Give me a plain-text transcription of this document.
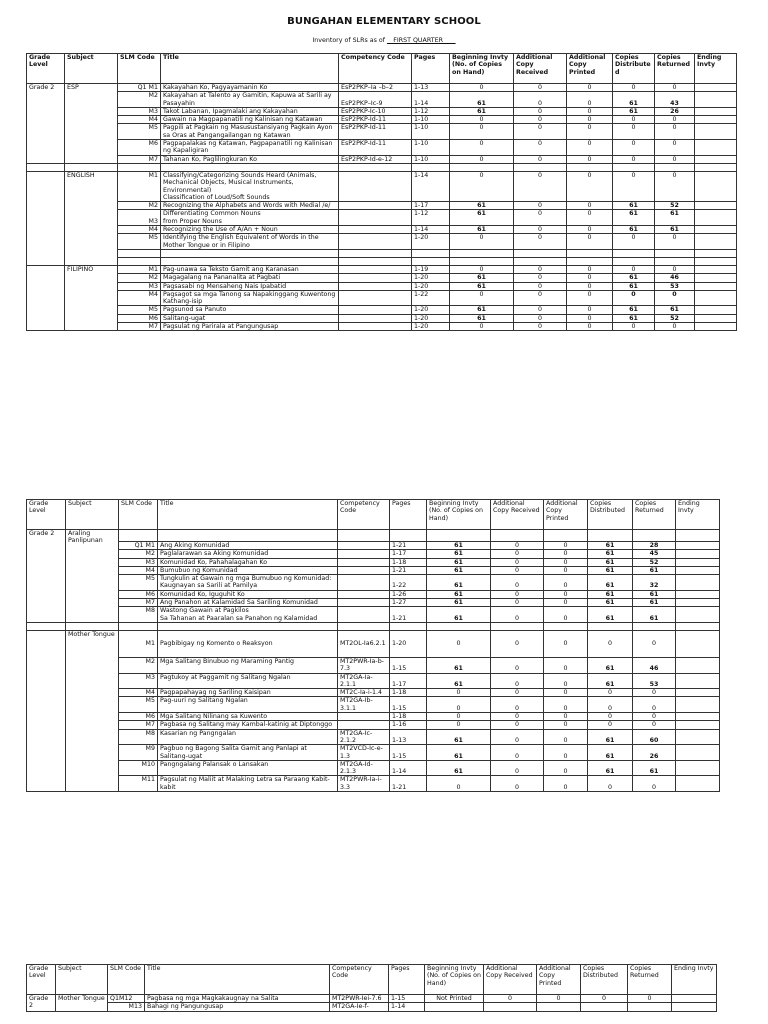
BUNGAHAN ELEMENTARY SCHOOL
Inventory of SLRs as of __FIRST QUARTER____
Grade Level	Subject	SLM Code	Title	Competency Code	Pages	Beginning Invty (No. of Copies on Hand)	Additional Copy Received	Additional Copy Printed	Copies Distributed	Copies Returned	Ending Invty
Grade 2	ESP	Q1 M1	Kakayahan Ko, Pagyayamanin Ko	EsP2PKP–Ia –b–2	1-13	0	0	0	0	0	
		M2	Kakayahan at Talento ay Gamitin, Kapuwa at Sarili ay Pasayahin	EsP2PKP–Ic-9	1-14	61	0	0	61	43	
		M3	Takot Labanan, Ipagmalaki ang Kakayahan	EsP2PKP-Ic-10	1-12	61	0	0	61	26	
		M4	Gawain na Magpapanatili ng Kalinisan ng Katawan	EsP2PKP-Id-11	1-10	0	0	0	0	0	
		M5	Pagpili at Pagkain ng Masusustansiyang Pagkain Ayon sa Oras at Pangangailangan ng Katawan	EsP2PKP-Id-11	1-10	0	0	0	0	0	
		M6	Pagpapalakas ng Katawan, Pagpapanatili ng Kalinisan ng Kapaligiran	EsP2PKP-Id-11	1-10	0	0	0	0	0	
		M7	Tahanan Ko, Paglilingkuran Ko	EsP2PKP-Id-e-12	1-10	0	0	0	0	0	

	ENGLISH	M1	Classifying/Categorizing Sounds Heard (Animals, Mechanical Objects, Musical Instruments, Environmental)
Classification of Loud/Soft Sounds		1-14	0	0	0	0	0	
		M2	Recognizing the Alphabets and Words with Medial /e/		1-17	61	0	0	61	52	
		M3	Differentiating Common Nouns
from Proper Nouns		1-12	61	0	0	61	61	
		M4	Recognizing the Use of A/An + Noun		1-14	61	0	0	61	61	
		M5	Identifying the English Equivalent of Words in the Mother Tongue or in Filipino		1-20	0	0	0	0	0	

	FILIPINO	M1	Pag-unawa sa Teksto Gamit ang Karanasan		1-19	0	0	0	0	0	
		M2	Magagalang na Pananalita at Pagbati		1-20	61	0	0	61	46	
		M3	Pagsasabi ng Mensaheng Nais Ipabatid		1-20	61	0	0	61	53	
		M4	Pagsagot sa mga Tanong sa Napakinggang Kuwentong Kathang-isip		1-22	0	0	0	0	0	
		M5	Pagsunod sa Panuto		1-20	61	0	0	61	61	
		M6	Salitang-ugat		1-20	61	0	0	61	52	
		M7	Pagsulat ng Parirala at Pangungusap		1-20	0	0	0	0	0	
Grade Level	Subject	SLM Code	Title	Competency Code	Pages	Beginning Invty (No. of Copies on Hand)	Additional Copy Received	Additional Copy Printed	Copies Distributed	Copies Returned	Ending Invty
Grade 2	Araling Panlipunan										
		Q1 M1	Ang Aking Komunidad		1-21	61	0	0	61	28	
		M2	Paglalarawan sa Aking Komunidad		1-17	61	0	0	61	45	
		M3	Komunidad Ko, Pahahalagahan Ko		1-18	61	0	0	61	52	
		M4	Bumubuo ng Komunidad		1-21	61	0	0	61	61	
		M5	Tungkulin at Gawain ng mga Bumubuo ng Komunidad: Kaugnayan sa Sarili at Pamilya		1-22	61	0	0	61	32	
		M6	Komunidad Ko, Iguguhit Ko		1-26	61	0	0	61	61	
		M7	Ang Panahon at Kalamidad Sa Sariling Komunidad		1-27	61	0	0	61	61	
		M8	Wastong Gawain at Pagkilos
Sa Tahanan at Paaralan sa Panahon ng Kalamidad		1-21	61	0	0	61	61	

	Mother Tongue	M1	Pagbibigay ng Komento o Reaksyon	MT2OL-Ia6.2.1	1-20	0	0	0	0	0	
		M2	Mga Salitang Binubuo ng Maraming Pantig	MT2PWR-Ia-b-7.3	1-15	61	0	0	61	46	
		M3	Pagtukoy at Paggamit ng Salitang Ngalan	MT2GA-Ia-2.1.1	1-17	61	0	0	61	53	
		M4	Pagpapahayag ng Sariling Kaisipan	MT2C-Ia-i-1.4	1-18	0	0	0	0	0	
		M5	Pag-uuri ng Salitang Ngalan	MT2GA-Ib-3.1.1	1-15	0	0	0	0	0	
		M6	Mga Salitang Nilinang sa Kuwento		1-18	0	0	0	0	0	
		M7	Pagbasa ng Salitang may Kambal-katinig at Diptonggo		1-16	0	0	0	0	0	
		M8	Kasarian ng Pangngalan	MT2GA-Ic-2.1.2	1-13	61	0	0	61	60	
		M9	Pagbuo ng Bagong Salita Gamit ang Panlapi at Salitang-ugat	MT2VCD-Ic-e-1.3	1-15	61	0	0	61	26	
		M10	Pangngalang Palansak o Lansakan	MT2GA-Id-2.1.3	1-14	61	0	0	61	61	
		M11	Pagsulat ng Maliit at Malaking Letra sa Paraang Kabit-kabit	MT2PWR-Ia-i-3.3	1-21	0	0	0	0	0	
Grade Level	Subject	SLM Code	Title	Competency Code	Pages	Beginning Invty (No. of Copies on Hand)	Additional Copy Received	Additional Copy Printed	Copies Distributed	Copies Returned	Ending Invty
Grade 2	Mother Tongue	Q1M12	Pagbasa ng mga Magkakaugnay na Salita	MT2PWR-Iei-7.6	1-15	Not Printed	0	0	0	0	
		M13	Bahagi ng Pangungusap	MT2GA-Ie-f-	1-14						
